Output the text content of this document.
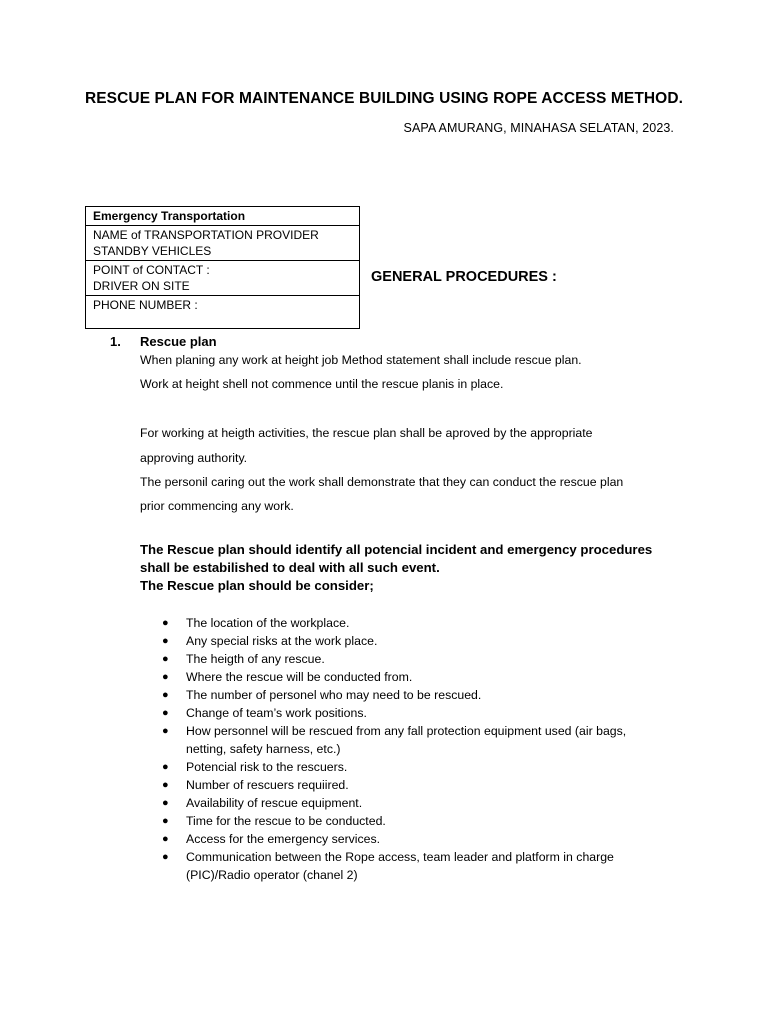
RESCUE PLAN FOR MAINTENANCE BUILDING USING ROPE ACCESS METHOD.
SAPA AMURANG, MINAHASA SELATAN, 2023.
Emergency Transportation

NAME of TRANSPORTATION PROVIDER
STANDBY VEHICLES

POINT of CONTACT :
DRIVER ON SITE

PHONE NUMBER :
GENERAL PROCEDURES :
1. Rescue plan
When planing any work at height job Method statement shall include rescue plan.
Work at height shell not commence until the rescue planis in place.
For working at heigth activities, the rescue plan shall be aproved by the appropriate
approving authority.
The personil caring out the work shall demonstrate that they can conduct the rescue plan
prior commencing any work.
The Rescue plan should identify all potencial incident and emergency procedures
shall be estabilished to deal with all such event.
The Rescue plan should be consider;
● The location of the workplace.
● Any special risks at the work place.
● The heigth of any rescue.
● Where the rescue will be conducted from.
● The number of personel who may need to be rescued.
● Change of team’s work positions.
● How personnel will be rescued from any fall protection equipment used (air bags,
netting, safety harness, etc.)
● Potencial risk to the rescuers.
● Number of rescuers requiired.
● Availability of rescue equipment.
● Time for the rescue to be conducted.
● Access for the emergency services.
● Communication between the Rope access, team leader and platform in charge
(PIC)/Radio operator (chanel 2)
